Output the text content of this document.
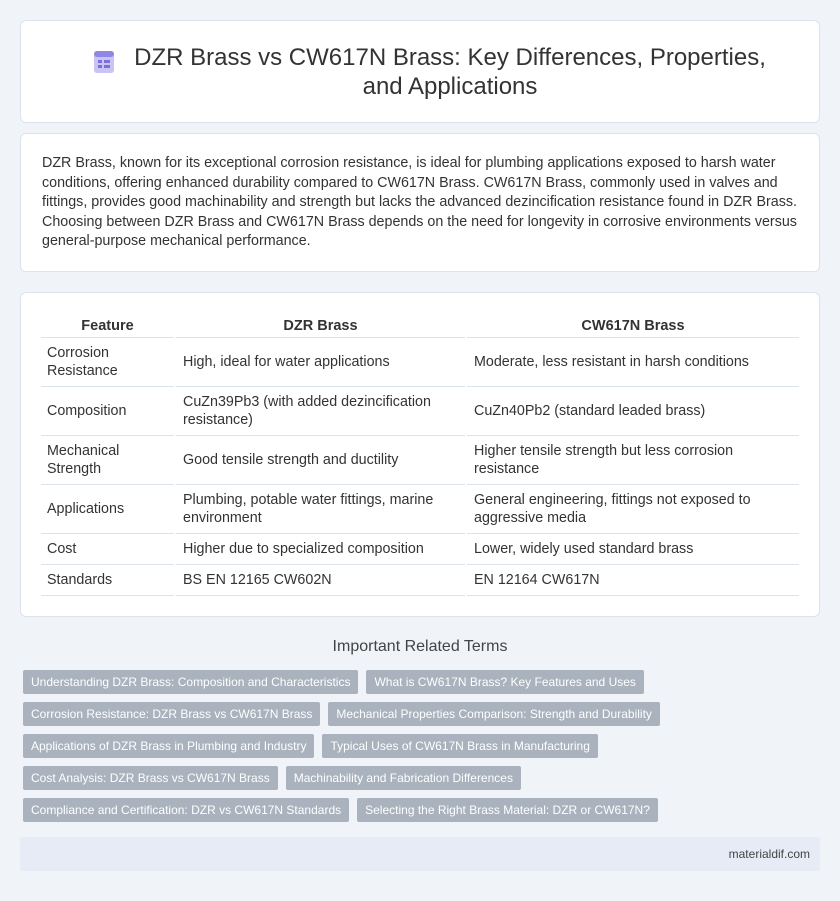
DZR Brass vs CW617N Brass: Key Differences, Properties, and Applications

DZR Brass, known for its exceptional corrosion resistance, is ideal for plumbing applications exposed to harsh water conditions, offering enhanced durability compared to CW617N Brass. CW617N Brass, commonly used in valves and fittings, provides good machinability and strength but lacks the advanced dezincification resistance found in DZR Brass. Choosing between DZR Brass and CW617N Brass depends on the need for longevity in corrosive environments versus general-purpose mechanical performance.

Feature	DZR Brass	CW617N Brass
Corrosion Resistance	High, ideal for water applications	Moderate, less resistant in harsh conditions
Composition	CuZn39Pb3 (with added dezincification resistance)	CuZn40Pb2 (standard leaded brass)
Mechanical Strength	Good tensile strength and ductility	Higher tensile strength but less corrosion resistance
Applications	Plumbing, potable water fittings, marine environment	General engineering, fittings not exposed to aggressive media
Cost	Higher due to specialized composition	Lower, widely used standard brass
Standards	BS EN 12165 CW602N	EN 12164 CW617N
Important Related Terms
Understanding DZR Brass: Composition and Characteristics	What is CW617N Brass? Key Features and Uses
Corrosion Resistance: DZR Brass vs CW617N Brass	Mechanical Properties Comparison: Strength and Durability
Applications of DZR Brass in Plumbing and Industry	Typical Uses of CW617N Brass in Manufacturing
Cost Analysis: DZR Brass vs CW617N Brass	Machinability and Fabrication Differences
Compliance and Certification: DZR vs CW617N Standards	Selecting the Right Brass Material: DZR or CW617N?
materialdif.com
